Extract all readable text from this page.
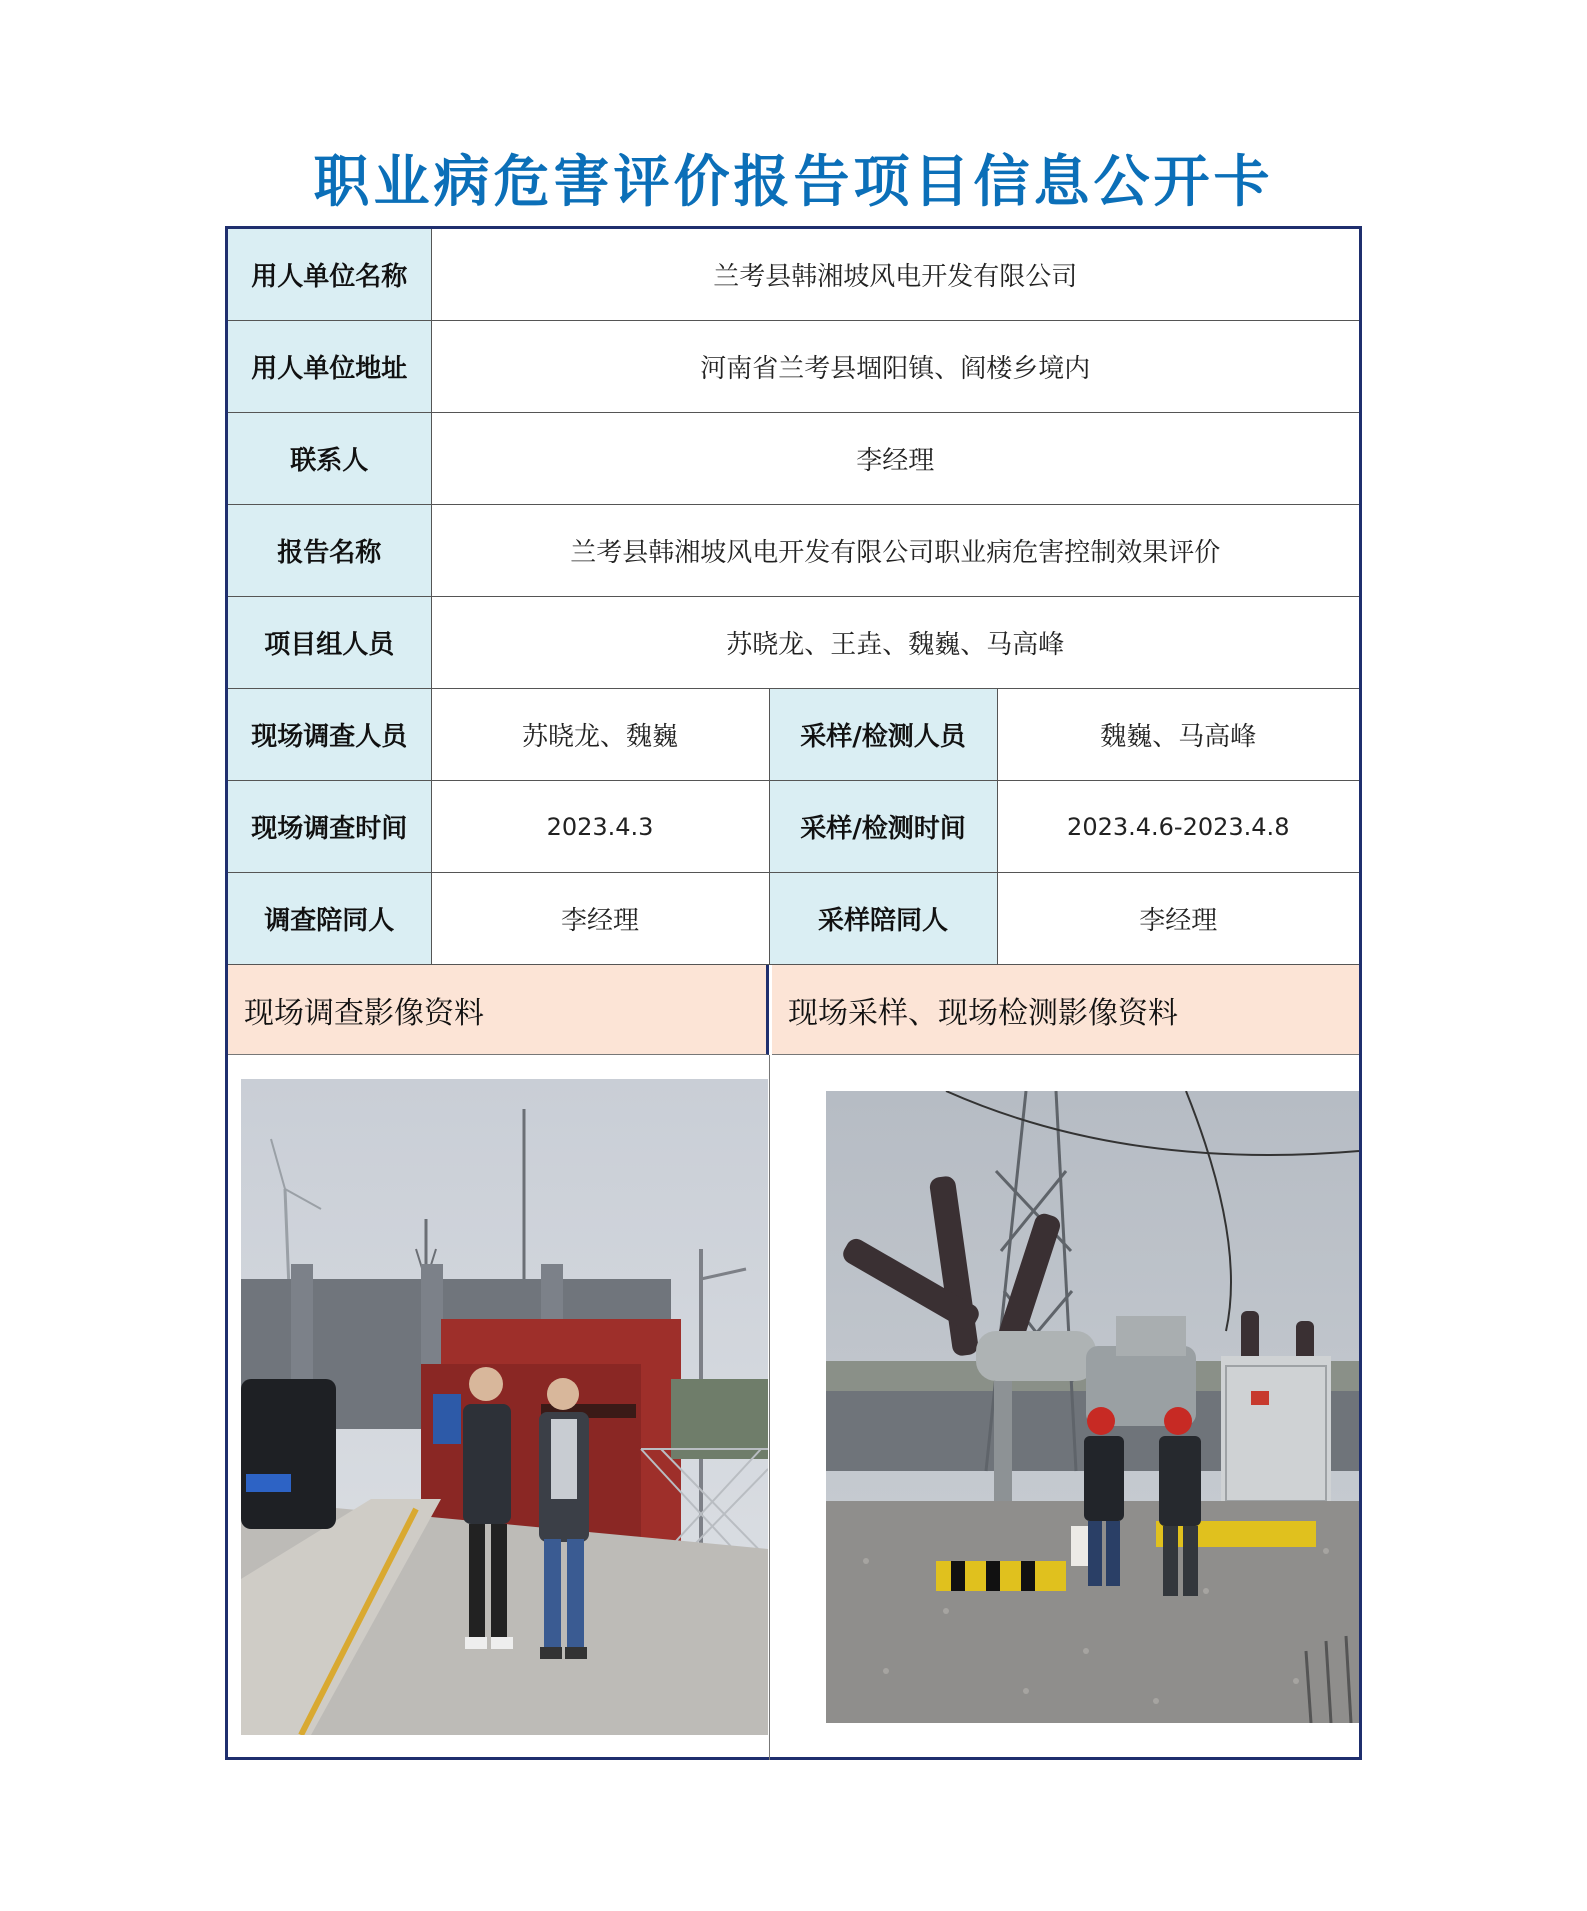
职业病危害评价报告项目信息公开卡
用人单位名称	兰考县韩湘坡风电开发有限公司		
用人单位地址	河南省兰考县堌阳镇、阎楼乡境内		
联系人	李经理		
报告名称	兰考县韩湘坡风电开发有限公司职业病危害控制效果评价		
项目组人员	苏晓龙、王垚、魏巍、马高峰		
现场调查人员	苏晓龙、魏巍	采样/检测人员	魏巍、马高峰
现场调查时间	2023.4.3	采样/检测时间	2023.4.6-2023.4.8
调查陪同人	李经理	采样陪同人	李经理
现场调查影像资料	现场采样、现场检测影像资料
